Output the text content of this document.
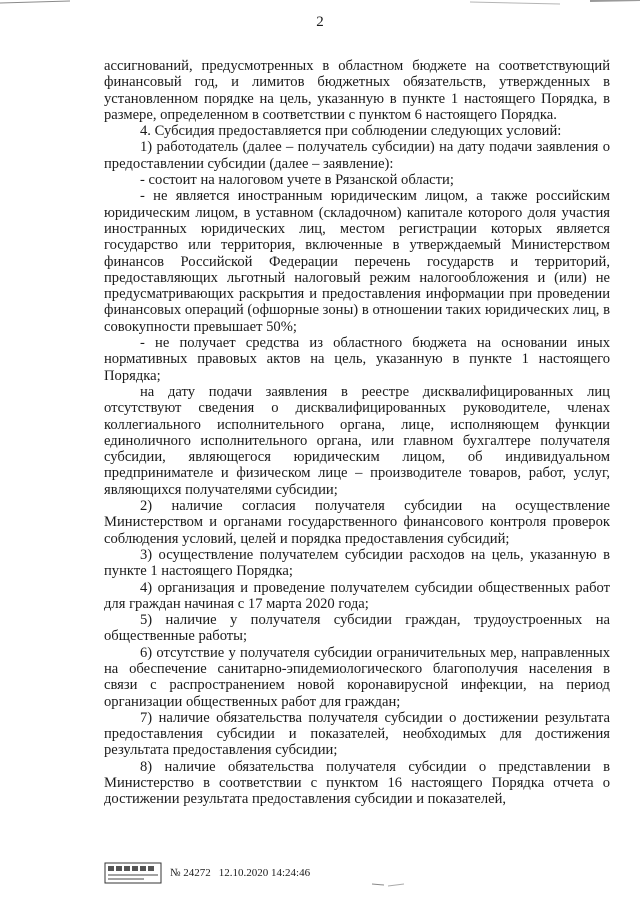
2

ассигнований, предусмотренных в областном бюджете на соответствующий финансовый год, и лимитов бюджетных обязательств, утвержденных в установленном порядке на цель, указанную в пункте 1 настоящего Порядка, в размере, определенном в соответствии с пунктом 6 настоящего Порядка.

4. Субсидия предоставляется при соблюдении следующих условий:

1) работодатель (далее – получатель субсидии) на дату подачи заявления о предоставлении субсидии (далее – заявление):

- состоит на налоговом учете в Рязанской области;

- не является иностранным юридическим лицом, а также российским юридическим лицом, в уставном (складочном) капитале которого доля участия иностранных юридических лиц, местом регистрации которых является государство или территория, включенные в утверждаемый Министерством финансов Российской Федерации перечень государств и территорий, предоставляющих льготный налоговый режим налогообложения и (или) не предусматривающих раскрытия и предоставления информации при проведении финансовых операций (офшорные зоны) в отношении таких юридических лиц, в совокупности превышает 50%;

- не получает средства из областного бюджета на основании иных нормативных правовых актов на цель, указанную в пункте 1 настоящего Порядка;

на дату подачи заявления в реестре дисквалифицированных лиц отсутствуют сведения о дисквалифицированных руководителе, членах коллегиального исполнительного органа, лице, исполняющем функции единоличного исполнительного органа, или главном бухгалтере получателя субсидии, являющегося юридическим лицом, об индивидуальном предпринимателе и физическом лице – производителе товаров, работ, услуг, являющихся получателями субсидии;

2) наличие согласия получателя субсидии на осуществление Министерством и органами государственного финансового контроля проверок соблюдения условий, целей и порядка предоставления субсидий;

3) осуществление получателем субсидии расходов на цель, указанную в пункте 1 настоящего Порядка;

4) организация и проведение получателем субсидии общественных работ для граждан начиная с 17 марта 2020 года;

5) наличие у получателя субсидии граждан, трудоустроенных на общественные работы;

6) отсутствие у получателя субсидии ограничительных мер, направленных на обеспечение санитарно-эпидемиологического благополучия населения в связи с распространением новой коронавирусной инфекции, на период организации общественных работ для граждан;

7) наличие обязательства получателя субсидии о достижении результата предоставления субсидии и показателей, необходимых для достижения результата предоставления субсидии;

8) наличие обязательства получателя субсидии о представлении в Министерство в соответствии с пунктом 16 настоящего Порядка отчета о достижении результата предоставления субсидии и показателей,

№ 24272 12.10.2020 14:24:46
